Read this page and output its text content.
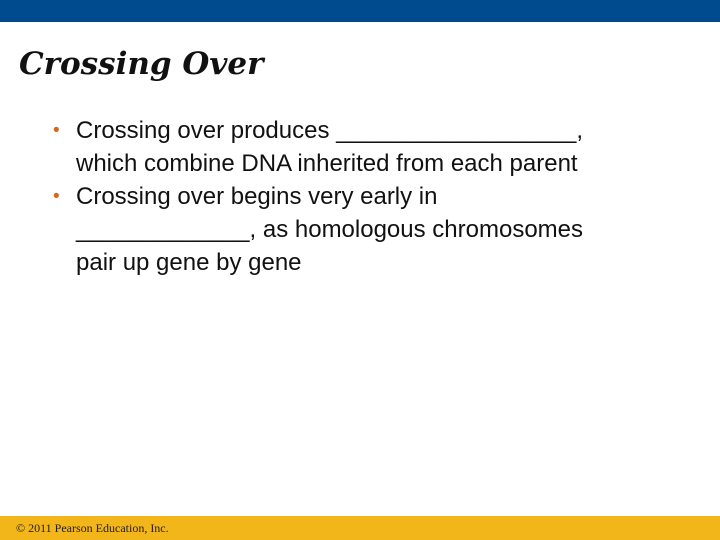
Crossing Over
• Crossing over produces __________________,
which combine DNA inherited from each parent
• Crossing over begins very early in
_____________, as homologous chromosomes
pair up gene by gene
© 2011 Pearson Education, Inc.
